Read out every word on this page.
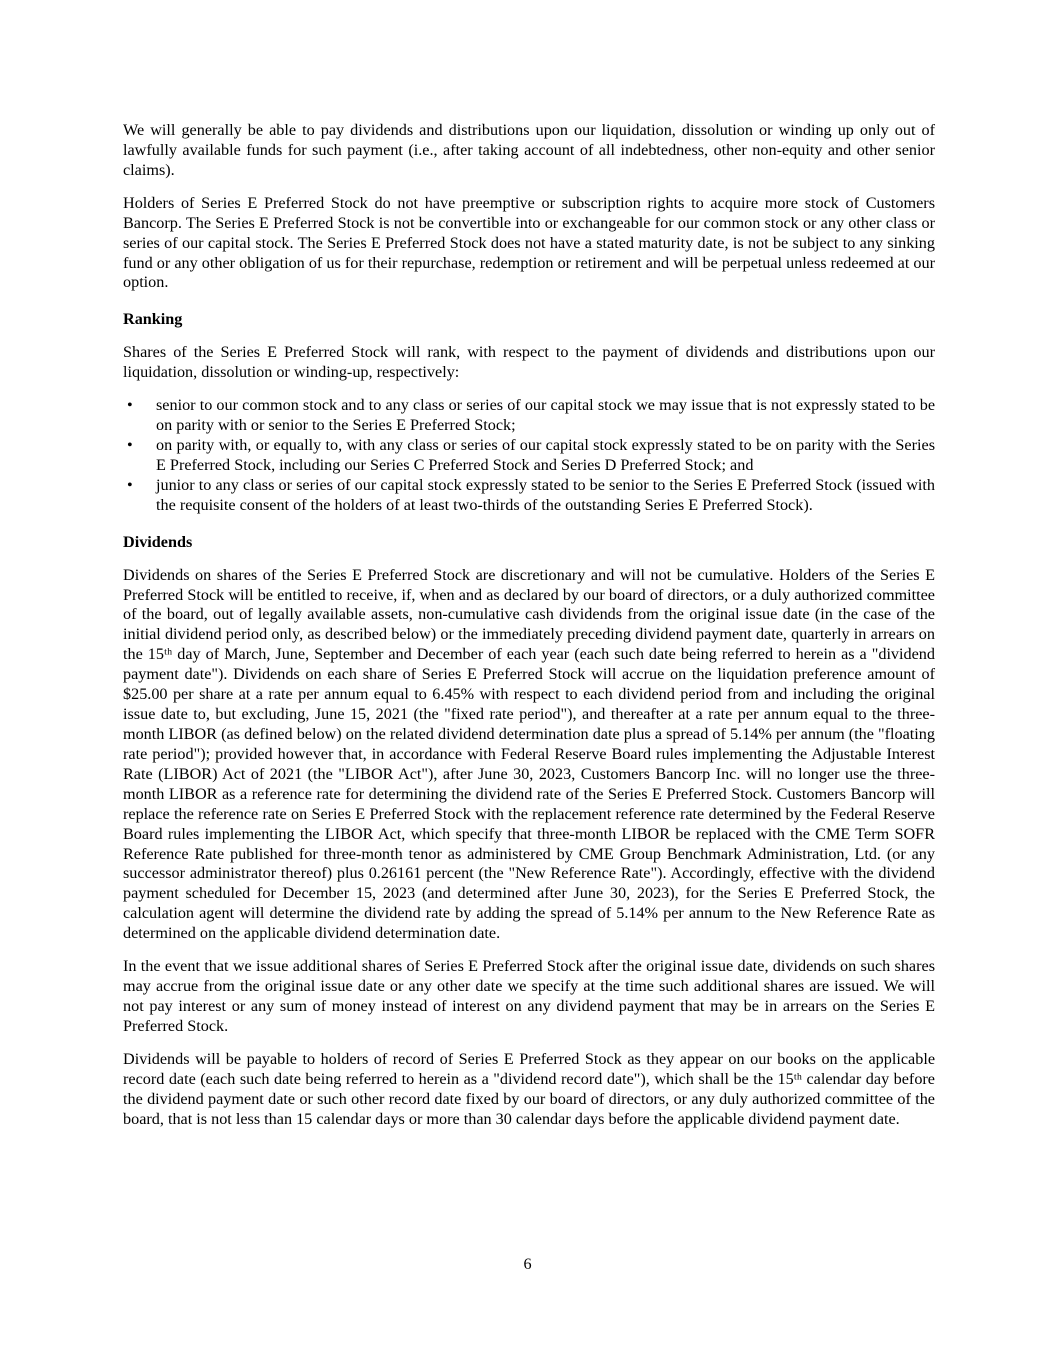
We will generally be able to pay dividends and distributions upon our liquidation, dissolution or winding up only out of lawfully available funds for such payment (i.e., after taking account of all indebtedness, other non-equity and other senior claims).

Holders of Series E Preferred Stock do not have preemptive or subscription rights to acquire more stock of Customers Bancorp. The Series E Preferred Stock is not be convertible into or exchangeable for our common stock or any other class or series of our capital stock. The Series E Preferred Stock does not have a stated maturity date, is not be subject to any sinking fund or any other obligation of us for their repurchase, redemption or retirement and will be perpetual unless redeemed at our option.

Ranking

Shares of the Series E Preferred Stock will rank, with respect to the payment of dividends and distributions upon our liquidation, dissolution or winding-up, respectively:

• senior to our common stock and to any class or series of our capital stock we may issue that is not expressly stated to be on parity with or senior to the Series E Preferred Stock;
• on parity with, or equally to, with any class or series of our capital stock expressly stated to be on parity with the Series E Preferred Stock, including our Series C Preferred Stock and Series D Preferred Stock; and
• junior to any class or series of our capital stock expressly stated to be senior to the Series E Preferred Stock (issued with the requisite consent of the holders of at least two-thirds of the outstanding Series E Preferred Stock).
Dividends

Dividends on shares of the Series E Preferred Stock are discretionary and will not be cumulative. Holders of the Series E Preferred Stock will be entitled to receive, if, when and as declared by our board of directors, or a duly authorized committee of the board, out of legally available assets, non-cumulative cash dividends from the original issue date (in the case of the initial dividend period only, as described below) or the immediately preceding dividend payment date, quarterly in arrears on the 15ᵗʰ day of March, June, September and December of each year (each such date being referred to herein as a "dividend payment date"). Dividends on each share of Series E Preferred Stock will accrue on the liquidation preference amount of $25.00 per share at a rate per annum equal to 6.45% with respect to each dividend period from and including the original issue date to, but excluding, June 15, 2021 (the "fixed rate period"), and thereafter at a rate per annum equal to the three-month LIBOR (as defined below) on the related dividend determination date plus a spread of 5.14% per annum (the "floating rate period"); provided however that, in accordance with Federal Reserve Board rules implementing the Adjustable Interest Rate (LIBOR) Act of 2021 (the "LIBOR Act"), after June 30, 2023, Customers Bancorp Inc. will no longer use the three-month LIBOR as a reference rate for determining the dividend rate of the Series E Preferred Stock. Customers Bancorp will replace the reference rate on Series E Preferred Stock with the replacement reference rate determined by the Federal Reserve Board rules implementing the LIBOR Act, which specify that three-month LIBOR be replaced with the CME Term SOFR Reference Rate published for three-month tenor as administered by CME Group Benchmark Administration, Ltd. (or any successor administrator thereof) plus 0.26161 percent (the "New Reference Rate"). Accordingly, effective with the dividend payment scheduled for December 15, 2023 (and determined after June 30, 2023), for the Series E Preferred Stock, the calculation agent will determine the dividend rate by adding the spread of 5.14% per annum to the New Reference Rate as determined on the applicable dividend determination date.

In the event that we issue additional shares of Series E Preferred Stock after the original issue date, dividends on such shares may accrue from the original issue date or any other date we specify at the time such additional shares are issued. We will not pay interest or any sum of money instead of interest on any dividend payment that may be in arrears on the Series E Preferred Stock.

Dividends will be payable to holders of record of Series E Preferred Stock as they appear on our books on the applicable record date (each such date being referred to herein as a "dividend record date"), which shall be the 15ᵗʰ calendar day before the dividend payment date or such other record date fixed by our board of directors, or any duly authorized committee of the board, that is not less than 15 calendar days or more than 30 calendar days before the applicable dividend payment date.

6
